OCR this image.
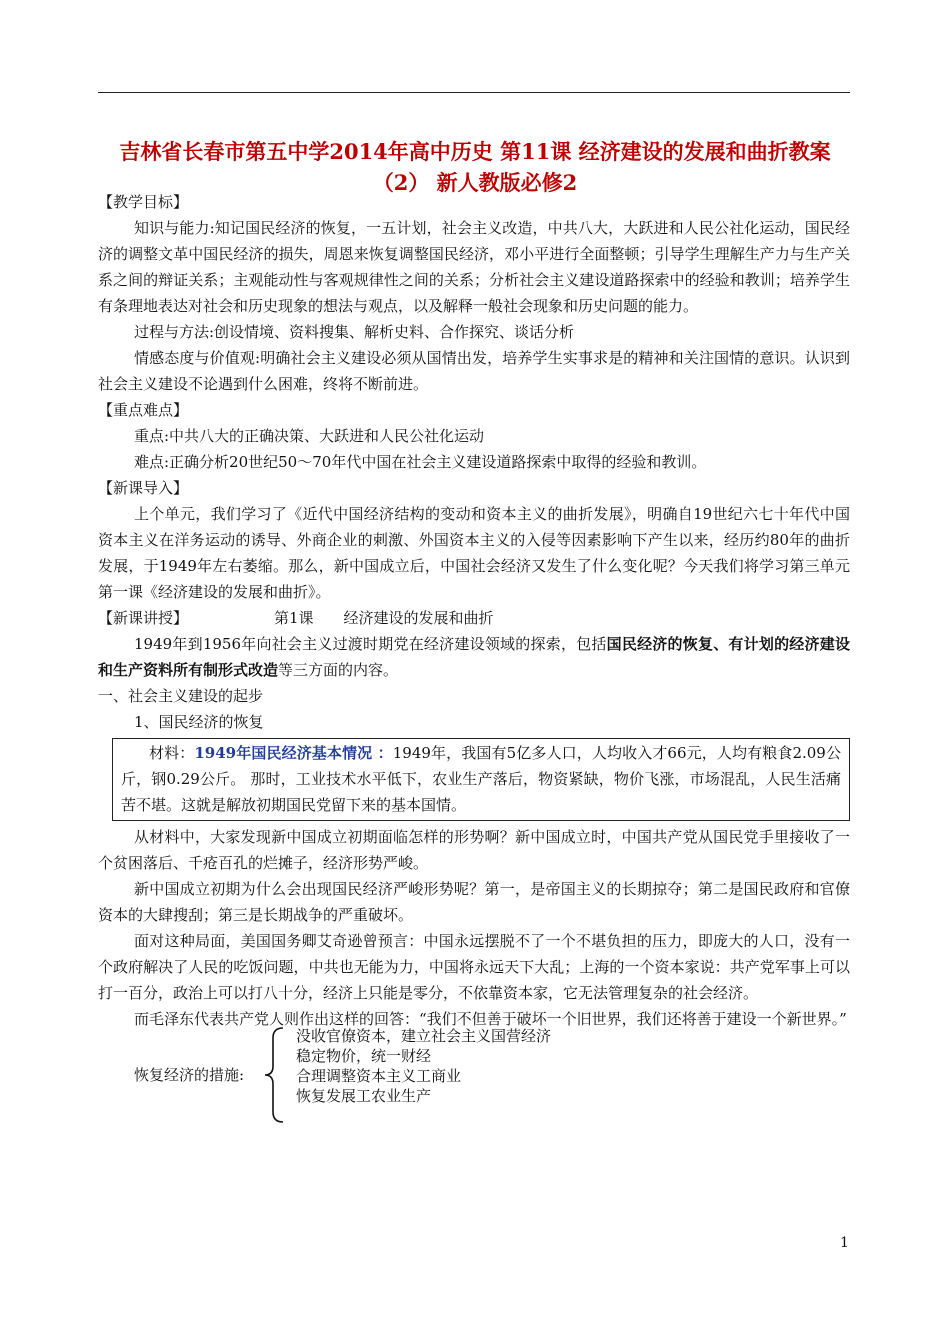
吉林省长春市第五中学2014年高中历史 第11课 经济建设的发展和曲折教案（2） 新人教版必修2

【教学目标】

知识与能力:知记国民经济的恢复，一五计划，社会主义改造，中共八大，大跃进和人民公社化运动，国民经济的调整文革中国民经济的损失，周恩来恢复调整国民经济，邓小平进行全面整顿；引导学生理解生产力与生产关系之间的辩证关系；主观能动性与客观规律性之间的关系；分析社会主义建设道路探索中的经验和教训；培养学生有条理地表达对社会和历史现象的想法与观点，以及解释一般社会现象和历史问题的能力。

过程与方法:创设情境、资料搜集、解析史料、合作探究、谈话分析

情感态度与价值观:明确社会主义建设必须从国情出发，培养学生实事求是的精神和关注国情的意识。认识到社会主义建设不论遇到什么困难，终将不断前进。

【重点难点】

重点:中共八大的正确决策、大跃进和人民公社化运动

难点:正确分析20世纪50～70年代中国在社会主义建设道路探索中取得的经验和教训。

【新课导入】

上个单元，我们学习了《近代中国经济结构的变动和资本主义的曲折发展》，明确自19世纪六七十年代中国资本主义在洋务运动的诱导、外商企业的刺激、外国资本主义的入侵等因素影响下产生以来，经历约80年的曲折发展，于1949年左右萎缩。那么，新中国成立后，中国社会经济又发生了什么变化呢？今天我们将学习第三单元第一课《经济建设的发展和曲折》。

【新课讲授】	第1课　　经济建设的发展和曲折

1949年到1956年向社会主义过渡时期党在经济建设领域的探索，包括国民经济的恢复、有计划的经济建设和生产资料所有制形式改造等三方面的内容。

一、社会主义建设的起步

1、国民经济的恢复

材料：1949年国民经济基本情况 ：1949年，我国有5亿多人口，人均收入才66元，人均有粮食2.09公斤，钢0.29公斤。 那时，工业技术水平低下，农业生产落后，物资紧缺，物价飞涨，市场混乱，人民生活痛苦不堪。这就是解放初期国民党留下来的基本国情。

从材料中，大家发现新中国成立初期面临怎样的形势啊？新中国成立时，中国共产党从国民党手里接收了一个贫困落后、千疮百孔的烂摊子，经济形势严峻。

新中国成立初期为什么会出现国民经济严峻形势呢？第一，是帝国主义的长期掠夺；第二是国民政府和官僚资本的大肆搜刮；第三是长期战争的严重破坏。

面对这种局面，美国国务卿艾奇逊曾预言：中国永远摆脱不了一个不堪负担的压力，即庞大的人口，没有一个政府解决了人民的吃饭问题，中共也无能为力，中国将永远天下大乱；上海的一个资本家说：共产党军事上可以打一百分，政治上可以打八十分，经济上只能是零分，不依靠资本家，它无法管理复杂的社会经济。

而毛泽东代表共产党人则作出这样的回答：“我们不但善于破坏一个旧世界，我们还将善于建设一个新世界。”

恢复经济的措施:
没收官僚资本，建立社会主义国营经济
稳定物价，统一财经
合理调整资本主义工商业
恢复发展工农业生产
1
